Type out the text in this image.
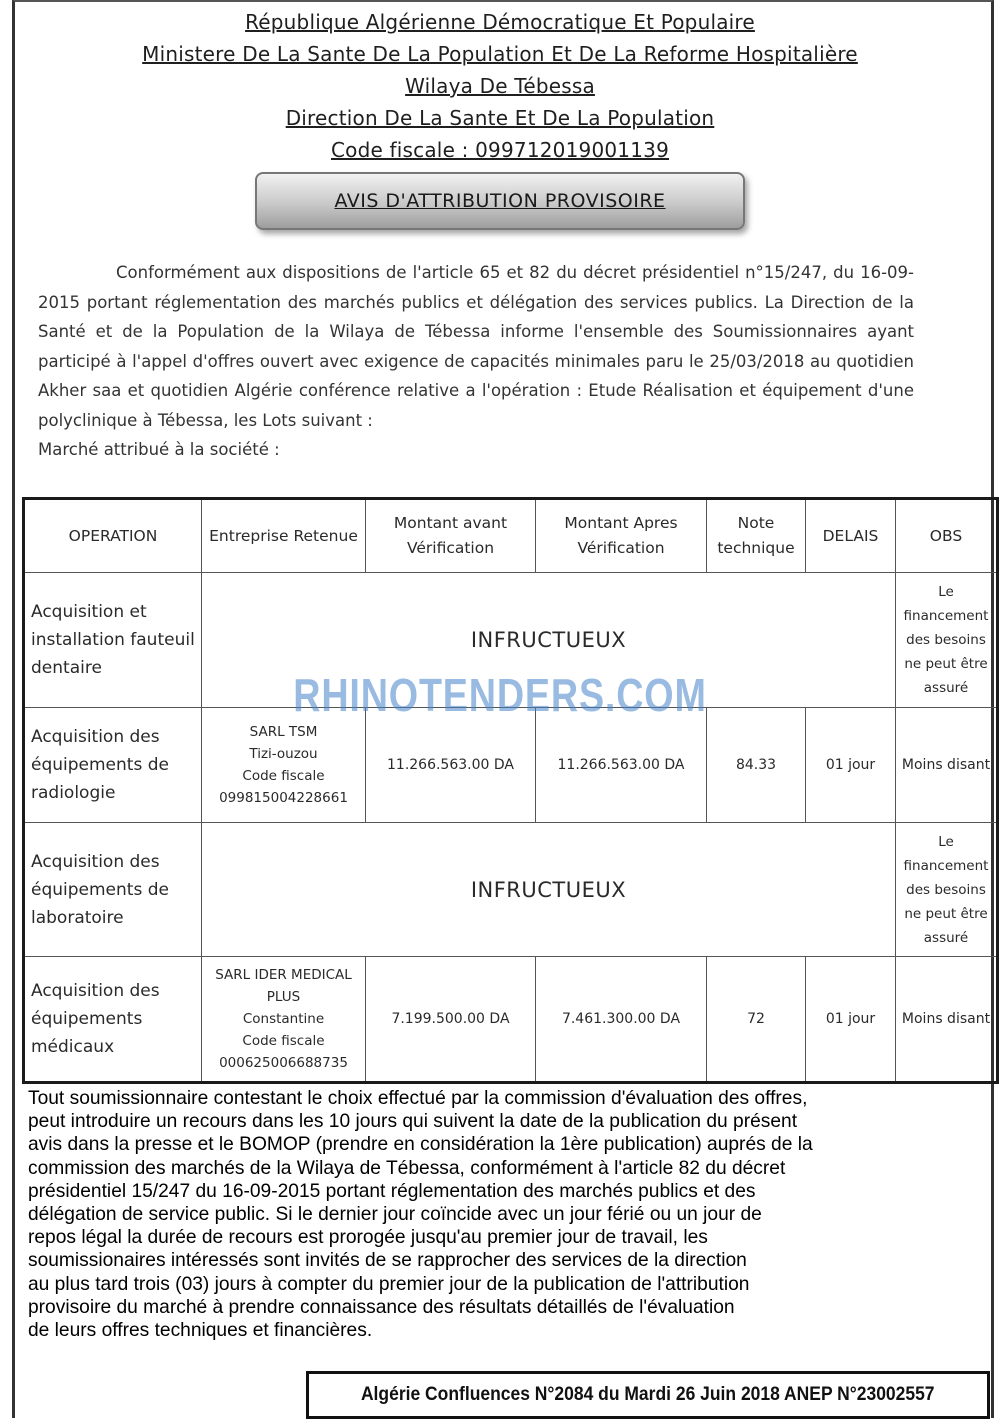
République Algérienne Démocratique Et Populaire
Ministere De La Sante De La Population Et De La Reforme Hospitalière
Wilaya De Tébessa
Direction De La Sante Et De La Population
Code fiscale : 099712019001139
AVIS D'ATTRIBUTION PROVISOIRE

Conformément aux dispositions de l'article 65 et 82 du décret présidentiel n°15/247, du 16-09-2015 portant réglementation des marchés publics et délégation des services publics. La Direction de la Santé et de la Population de la Wilaya de Tébessa informe l'ensemble des Soumissionnaires ayant participé à l'appel d'offres ouvert avec exigence de capacités minimales paru le 25/03/2018 au quotidien Akher saa et quotidien Algérie conférence relative a l'opération : Etude Réalisation et équipement d'une polyclinique à Tébessa, les Lots suivant :

Marché attribué à la société :

OPERATION	Entreprise Retenue	Montant avant Vérification	Montant Apres Vérification	Note technique	DELAIS	OBS
Acquisition et installation fauteuil dentaire	INFRUCTUEUX					Le financement des besoins ne peut être assuré
Acquisition des équipements de radiologie	SARL TSM
Tizi-ouzou
Code fiscale
099815004228661	11.266.563.00 DA	11.266.563.00 DA	84.33	01 jour	Moins disant
Acquisition des équipements de laboratoire	INFRUCTUEUX					Le financement des besoins ne peut être assuré
Acquisition des équipements médicaux	SARL IDER MEDICAL PLUS
Constantine
Code fiscale
000625006688735	7.199.500.00 DA	7.461.300.00 DA	72	01 jour	Moins disant
RHINOTENDERS.COM
Tout soumissionnaire contestant le choix effectué par la commission d'évaluation des offres,
peut introduire un recours dans les 10 jours qui suivent la date de la publication du présent
avis dans la presse et le BOMOP (prendre en considération la 1ère publication) auprés de la
commission des marchés de la Wilaya de Tébessa, conformément à l'article 82 du décret
présidentiel 15/247 du 16-09-2015 portant réglementation des marchés publics et des
délégation de service public. Si le dernier jour coïncide avec un jour férié ou un jour de
repos légal la durée de recours est prorogée jusqu'au premier jour de travail, les
soumissionaires intéressés sont invités de se rapprocher des services de la direction
au plus tard trois (03) jours à compter du premier jour de la publication de l'attribution
provisoire du marché à prendre connaissance des résultats détaillés de l'évaluation
de leurs offres techniques et financières.
Algérie Confluences N°2084 du Mardi 26 Juin 2018 ANEP N°23002557
